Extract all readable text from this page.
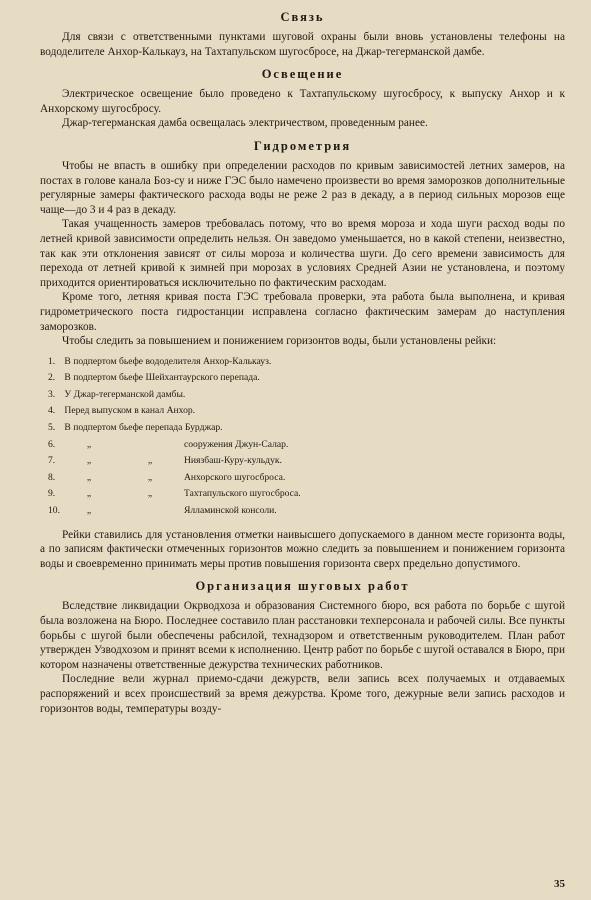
Связь

Для связи с ответственными пунктами шуговой охраны были вновь установлены телефоны на вододелителе Анхор-Калькауз, на Тахтапульском шугосбросе, на Джар-тегерманской дамбе.

Освещение

Электрическое освещение было проведено к Тахтапульскому шугосбросу, к выпуску Анхор и к Анхорскому шугосбросу.

Джар-тегерманская дамба освещалась электричеством, проведенным ранее.

Гидрометрия

Чтобы не впасть в ошибку при определении расходов по кривым зависимостей летних замеров, на постах в голове канала Боз-су и ниже ГЭС было намечено произвести во время заморозков дополнительные регулярные замеры фактического расхода воды не реже 2 раз в декаду, а в период сильных морозов еще чаще—до 3 и 4 раз в декаду.

Такая учащенность замеров требовалась потому, что во время мороза и хода шуги расход воды по летней кривой зависимости определить нельзя. Он заведомо уменьшается, но в какой степени, неизвестно, так как эти отклонения зависят от силы мороза и количества шуги. До сего времени зависимость для перехода от летней кривой к зимней при морозах в условиях Средней Азии не установлена, и поэтому приходится ориентироваться исключительно по фактическим расходам.

Кроме того, летняя кривая поста ГЭС требовала проверки, эта работа была выполнена, и кривая гидрометрического поста гидростанции исправлена согласно фактическим замерам до наступления заморозков.

Чтобы следить за повышением и понижением горизонтов воды, были установлены рейки:

1.
В подпертом бьефе вододелителя Анхор-Калькауз.
2.
В подпертом бьефе Шейхантаурского перепада.
3.
У Джар-тегерманской дамбы.
4.
Перед выпуском в канал Анхор.
5.
В подпертом бьефе перепада Бурджар.
6.	„	сооружения Джун-Салар.
7.	„	„	Ниязбаш-Куру-кульдук.
8.	„	„	Анхорского шугосброса.
9.	„	„	Тахтапульского шугосброса.
10.	„	Ялламинской консоли.

Рейки ставились для установления отметки наивысшего допускаемого в данном месте горизонта воды, а по записям фактически отмеченных горизонтов можно следить за повышением и понижением горизонта воды и своевременно принимать меры против повышения горизонта сверх предельно допустимого.

Организация шуговых работ

Вследствие ликвидации Окрводхоза и образования Системного бюро, вся работа по борьбе с шугой была возложена на Бюро. Последнее составило план расстановки техперсонала и рабочей силы. Все пункты борьбы с шугой были обеспечены рабсилой, технадзором и ответственным руководителем. План работ утвержден Узводхозом и принят всеми к исполнению. Центр работ по борьбе с шугой оставался в Бюро, при котором назначены ответственные дежурства технических работников.

Последние вели журнал приемо-сдачи дежурств, вели запись всех получаемых и отдаваемых распоряжений и всех происшествий за время дежурства. Кроме того, дежурные вели запись расходов и горизонтов воды, температуры возду-

35
